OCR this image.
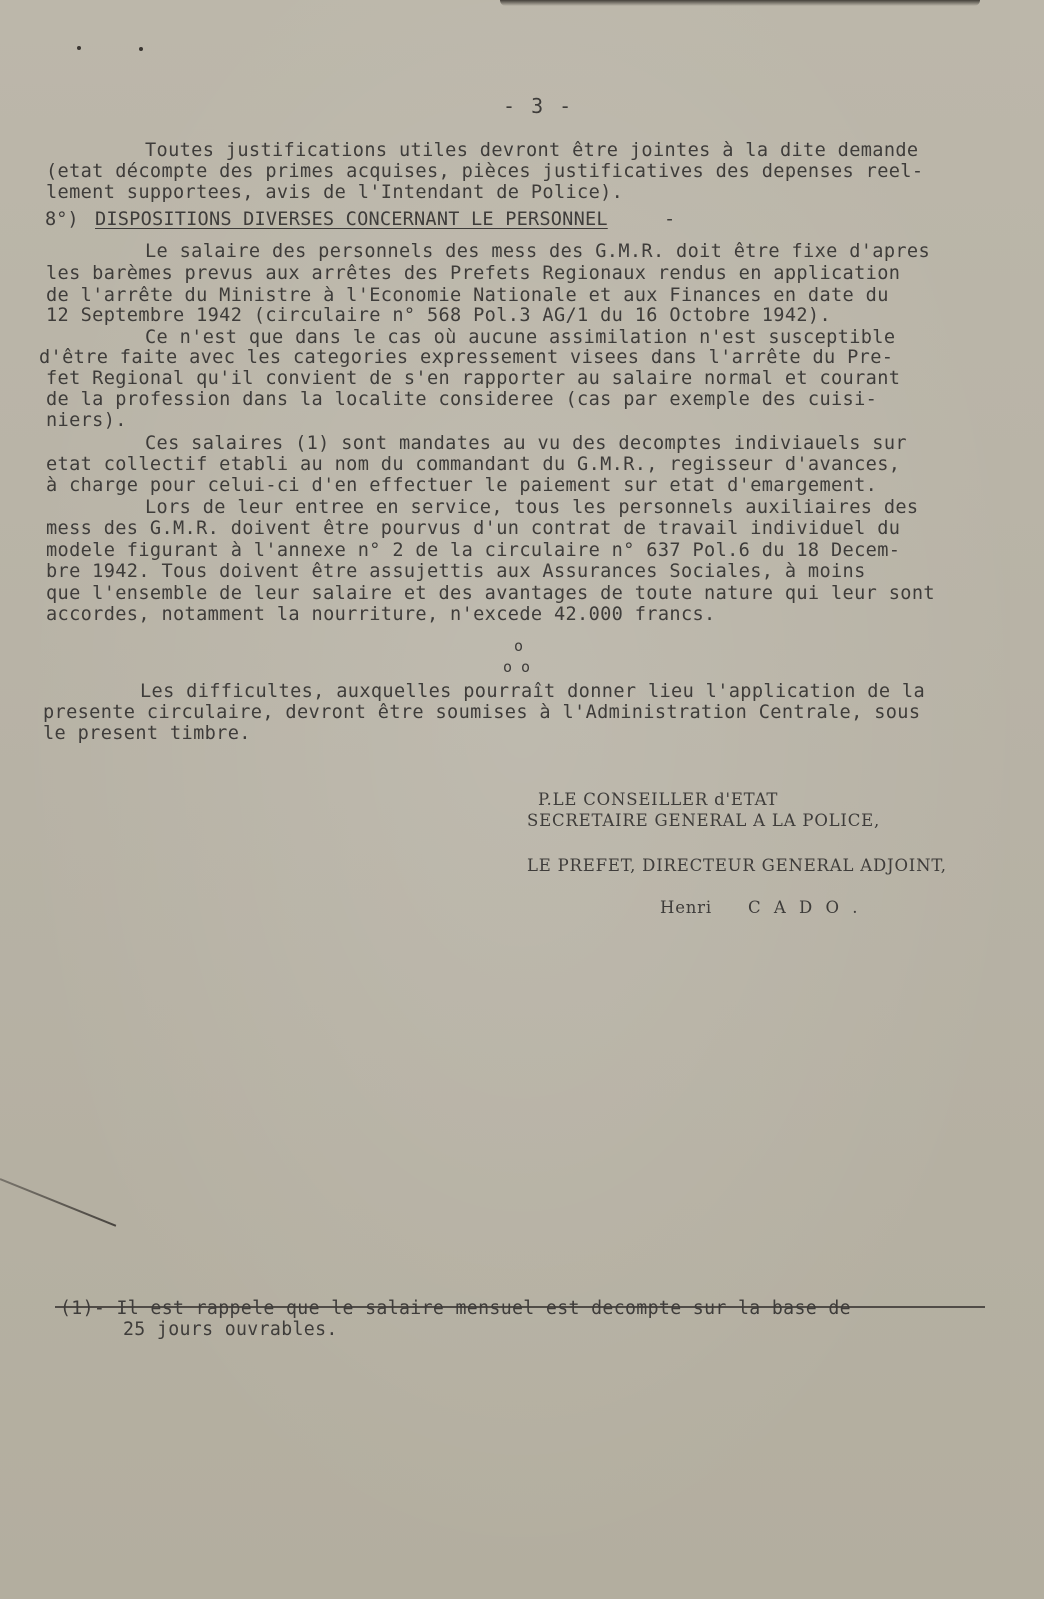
- 3 -
Toutes justifications utiles devront être jointes à la dite demande
(etat décompte des primes acquises, pièces justificatives des depenses reel-
lement supportees, avis de l'Intendant de Police).
8°) DISPOSITIONS DIVERSES CONCERNANT LE PERSONNEL	-
Le salaire des personnels des mess des G.M.R. doit être fixe d'apres
les barèmes prevus aux arrêtes des Prefets Regionaux rendus en application
de l'arrête du Ministre à l'Economie Nationale et aux Finances en date du
12 Septembre 1942 (circulaire n° 568 Pol.3 AG/1 du 16 Octobre 1942).
Ce n'est que dans le cas où aucune assimilation n'est susceptible
d'être faite avec les categories expressement visees dans l'arrête du Pre-
fet Regional qu'il convient de s'en rapporter au salaire normal et courant
de la profession dans la localite consideree (cas par exemple des cuisi-
niers).
Ces salaires (1) sont mandates au vu des decomptes indiviauels sur
etat collectif etabli au nom du commandant du G.M.R., regisseur d'avances,
à charge pour celui-ci d'en effectuer le paiement sur etat d'emargement.
Lors de leur entree en service, tous les personnels auxiliaires des
mess des G.M.R. doivent être pourvus d'un contrat de travail individuel du
modele figurant à l'annexe n° 2 de la circulaire n° 637 Pol.6 du 18 Decem-
bre 1942. Tous doivent être assujettis aux Assurances Sociales, à moins
que l'ensemble de leur salaire et des avantages de toute nature qui leur sont
accordes, notamment la nourriture, n'excede 42.000 francs.
o
o o
Les difficultes, auxquelles pourraît donner lieu l'application de la
presente circulaire, devront être soumises à l'Administration Centrale, sous
le present timbre.
P.LE CONSEILLER d'ETAT
SECRETAIRE GENERAL A LA POLICE,
LE PREFET, DIRECTEUR GENERAL ADJOINT,
Henri C A D O .
(1)- Il est rappele que le salaire mensuel est decompte sur la base de
25 jours ouvrables.
